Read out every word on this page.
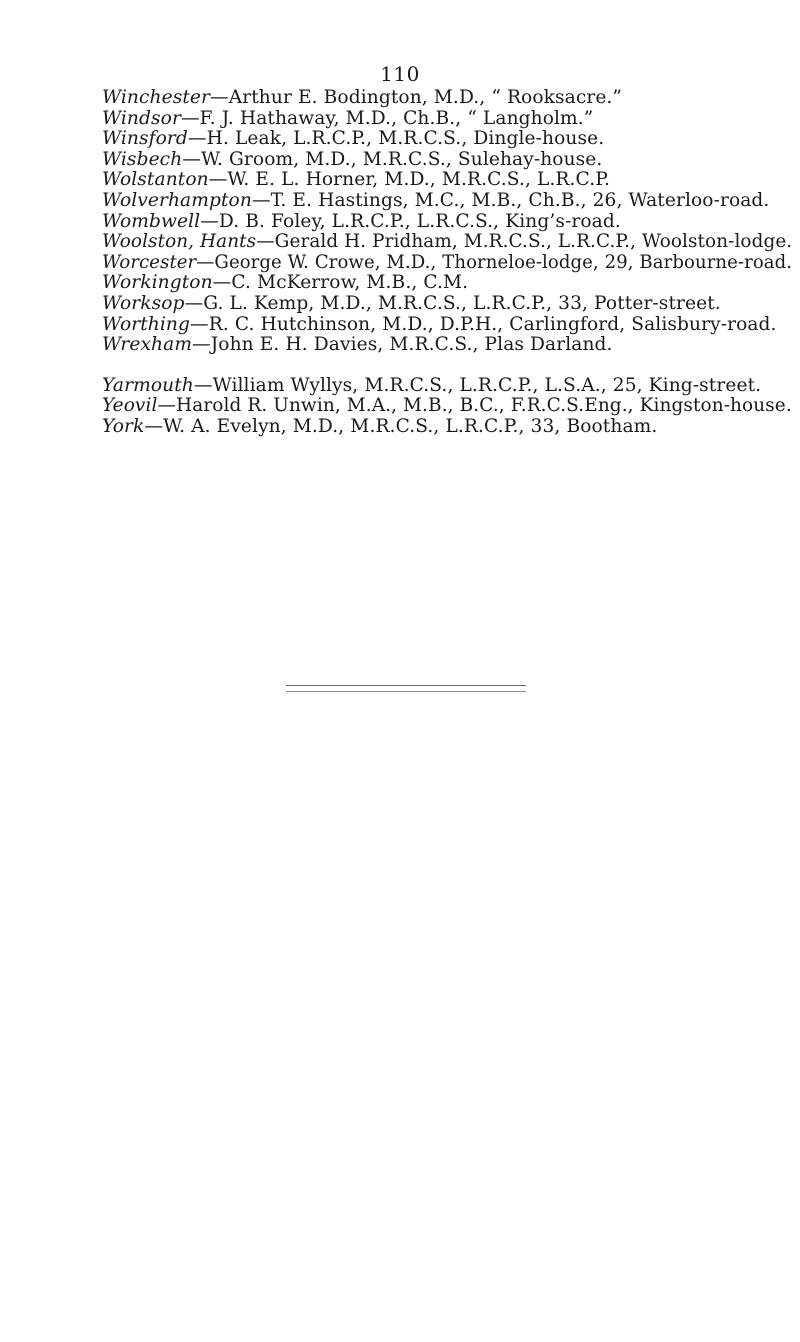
110
Winchester—Arthur E. Bodington, M.D., “ Rooksacre.”
Windsor—F. J. Hathaway, M.D., Ch.B., “ Langholm.”
Winsford—H. Leak, L.R.C.P., M.R.C.S., Dingle-house.
Wisbech—W. Groom, M.D., M.R.C.S., Sulehay-house.
Wolstanton—W. E. L. Horner, M.D., M.R.C.S., L.R.C.P.
Wolverhampton—T. E. Hastings, M.C., M.B., Ch.B., 26, Waterloo-road.
Wombwell—D. B. Foley, L.R.C.P., L.R.C.S., King’s-road.
Woolston, Hants—Gerald H. Pridham, M.R.C.S., L.R.C.P., Woolston-lodge.
Worcester—George W. Crowe, M.D., Thorneloe-lodge, 29, Barbourne-road.
Workington—C. McKerrow, M.B., C.M.
Worksop—G. L. Kemp, M.D., M.R.C.S., L.R.C.P., 33, Potter-street.
Worthing—R. C. Hutchinson, M.D., D.P.H., Carlingford, Salisbury-road.
Wrexham—John E. H. Davies, M.R.C.S., Plas Darland.
Yarmouth—William Wyllys, M.R.C.S., L.R.C.P., L.S.A., 25, King-street.
Yeovil—Harold R. Unwin, M.A., M.B., B.C., F.R.C.S.Eng., Kingston-house.
York—W. A. Evelyn, M.D., M.R.C.S., L.R.C.P., 33, Bootham.
